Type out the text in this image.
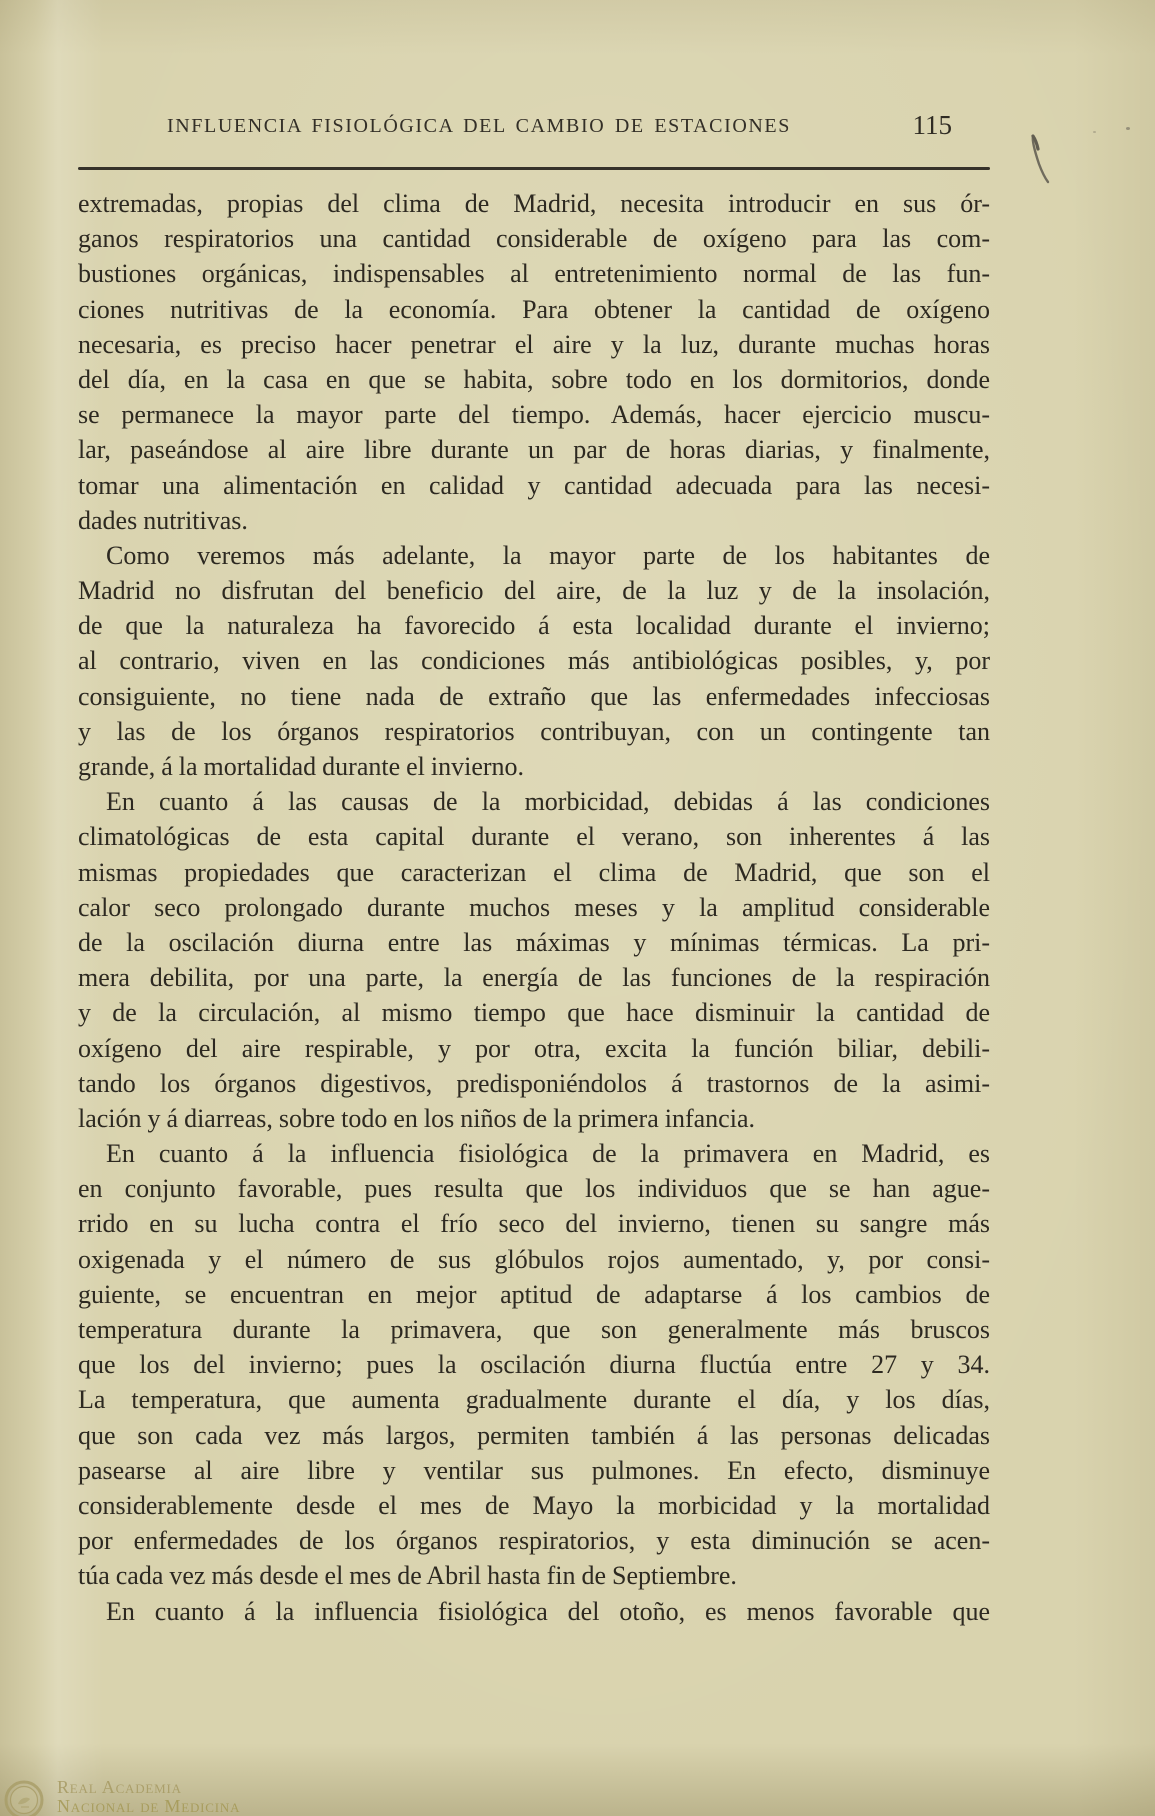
INFLUENCIA FISIOLÓGICA DEL CAMBIO DE ESTACIONES	115
extremadas, propias del clima de Madrid, necesita introducir en sus ór-
ganos respiratorios una cantidad considerable de oxígeno para las com-
bustiones orgánicas, indispensables al entretenimiento normal de las fun-
ciones nutritivas de la economía. Para obtener la cantidad de oxígeno
necesaria, es preciso hacer penetrar el aire y la luz, durante muchas horas
del día, en la casa en que se habita, sobre todo en los dormitorios, donde
se permanece la mayor parte del tiempo. Además, hacer ejercicio muscu-
lar, paseándose al aire libre durante un par de horas diarias, y finalmente,
tomar una alimentación en calidad y cantidad adecuada para las necesi-
dades nutritivas.
Como veremos más adelante, la mayor parte de los habitantes de
Madrid no disfrutan del beneficio del aire, de la luz y de la insolación,
de que la naturaleza ha favorecido á esta localidad durante el invierno;
al contrario, viven en las condiciones más antibiológicas posibles, y, por
consiguiente, no tiene nada de extraño que las enfermedades infecciosas
y las de los órganos respiratorios contribuyan, con un contingente tan
grande, á la mortalidad durante el invierno.
En cuanto á las causas de la morbicidad, debidas á las condiciones
climatológicas de esta capital durante el verano, son inherentes á las
mismas propiedades que caracterizan el clima de Madrid, que son el
calor seco prolongado durante muchos meses y la amplitud considerable
de la oscilación diurna entre las máximas y mínimas térmicas. La pri-
mera debilita, por una parte, la energía de las funciones de la respiración
y de la circulación, al mismo tiempo que hace disminuir la cantidad de
oxígeno del aire respirable, y por otra, excita la función biliar, debili-
tando los órganos digestivos, predisponiéndolos á trastornos de la asimi-
lación y á diarreas, sobre todo en los niños de la primera infancia.
En cuanto á la influencia fisiológica de la primavera en Madrid, es
en conjunto favorable, pues resulta que los individuos que se han ague-
rrido en su lucha contra el frío seco del invierno, tienen su sangre más
oxigenada y el número de sus glóbulos rojos aumentado, y, por consi-
guiente, se encuentran en mejor aptitud de adaptarse á los cambios de
temperatura durante la primavera, que son generalmente más bruscos
que los del invierno; pues la oscilación diurna fluctúa entre 27 y 34.
La temperatura, que aumenta gradualmente durante el día, y los días,
que son cada vez más largos, permiten también á las personas delicadas
pasearse al aire libre y ventilar sus pulmones. En efecto, disminuye
considerablemente desde el mes de Mayo la morbicidad y la mortalidad
por enfermedades de los órganos respiratorios, y esta diminución se acen-
túa cada vez más desde el mes de Abril hasta fin de Septiembre.
En cuanto á la influencia fisiológica del otoño, es menos favorable que
Real Academia
Nacional de Medicina
